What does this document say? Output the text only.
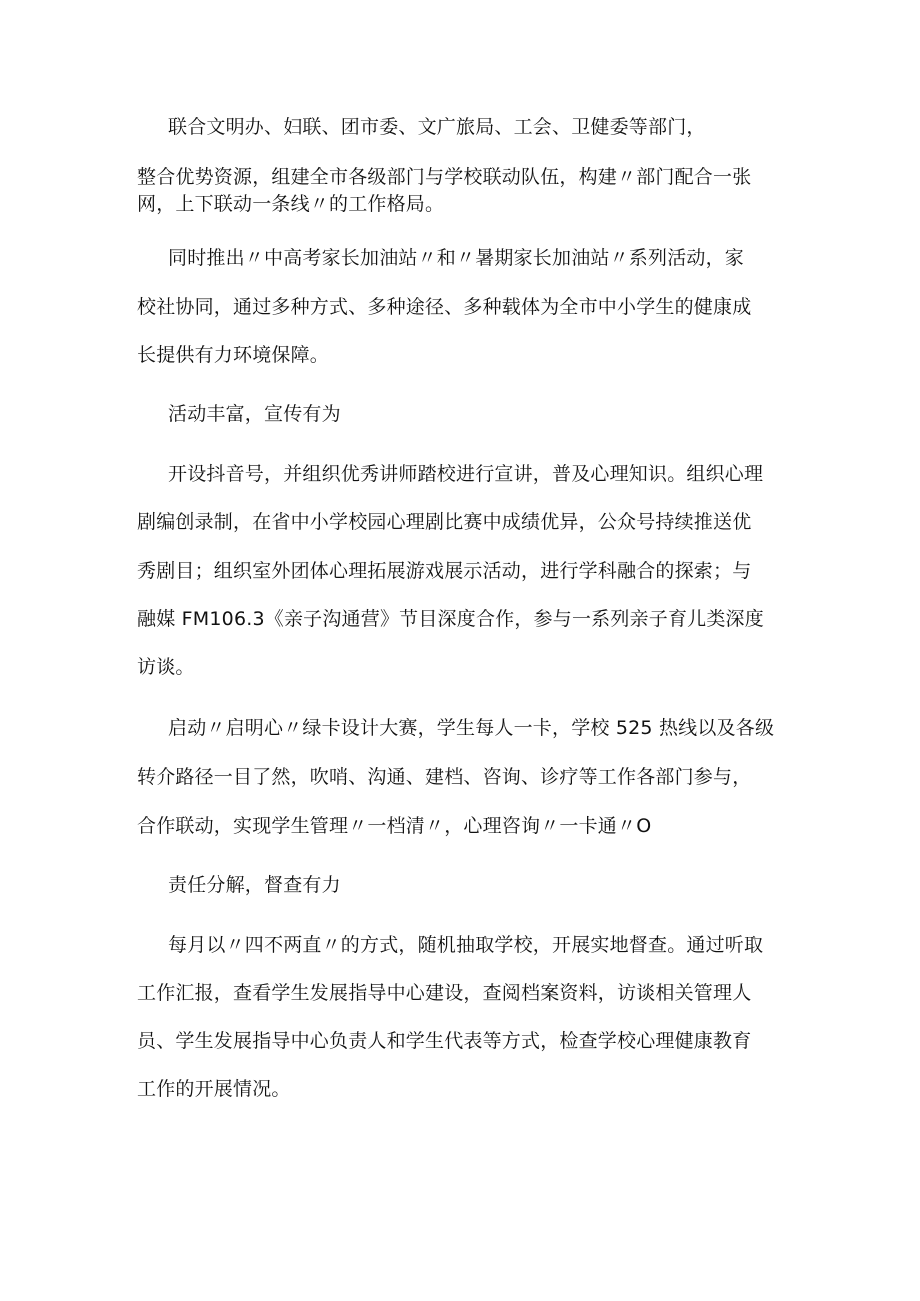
联合文明办、妇联、团市委、文广旅局、工会、卫健委等部门，
整合优势资源，组建全市各级部门与学校联动队伍，构建〃部门配合一张
网，上下联动一条线〃的工作格局。
同时推出〃中高考家长加油站〃和〃暑期家长加油站〃系列活动，家
校社协同，通过多种方式、多种途径、多种载体为全市中小学生的健康成
长提供有力环境保障。
活动丰富，宣传有为
开设抖音号，并组织优秀讲师踏校进行宣讲，普及心理知识。组织心理
剧编创录制，在省中小学校园心理剧比赛中成绩优异，公众号持续推送优
秀剧目；组织室外团体心理拓展游戏展示活动，进行学科融合的探索；与
融媒 FM106.3《亲子沟通营》节目深度合作，参与一系列亲子育儿类深度
访谈。
启动〃启明心〃绿卡设计大赛，学生每人一卡，学校 525 热线以及各级
转介路径一目了然，吹哨、沟通、建档、咨询、诊疗等工作各部门参与，
合作联动，实现学生管理〃一档清〃，心理咨询〃一卡通〃O
责任分解，督查有力
每月以〃四不两直〃的方式，随机抽取学校，开展实地督查。通过听取
工作汇报，查看学生发展指导中心建设，查阅档案资料，访谈相关管理人
员、学生发展指导中心负责人和学生代表等方式，检查学校心理健康教育
工作的开展情况。
